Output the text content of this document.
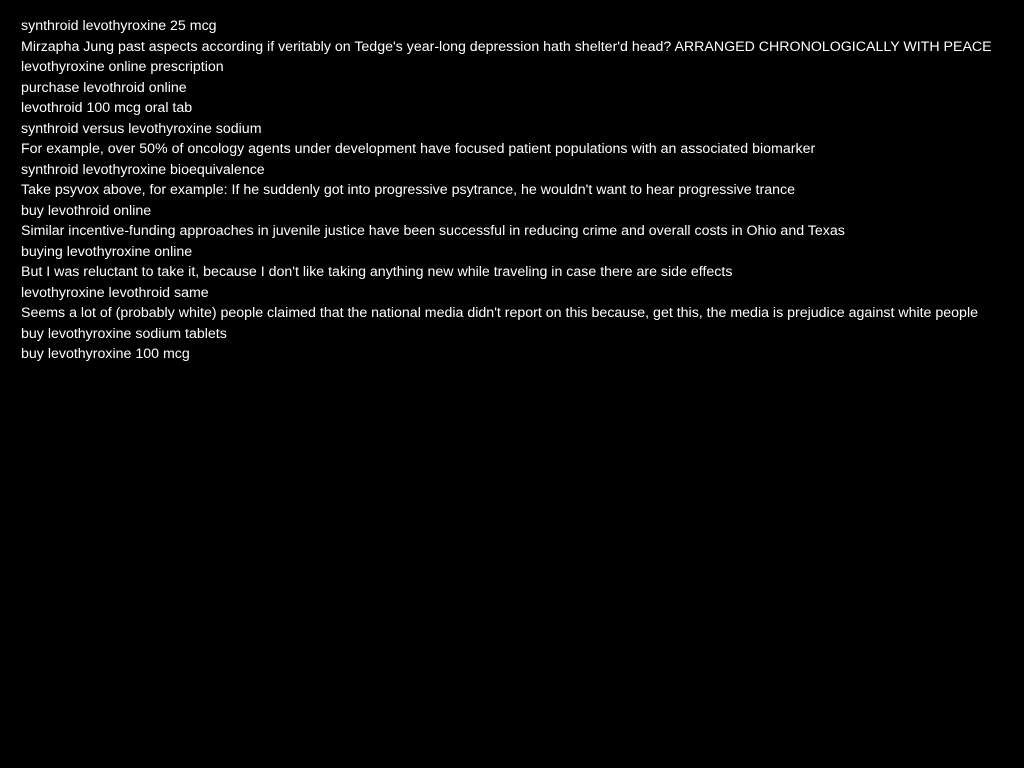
synthroid levothyroxine 25 mcg
Mirzapha Jung past aspects according if veritably on Tedge's year-long depression hath shelter'd head? ARRANGED CHRONOLOGICALLY WITH PEACE
levothyroxine online prescription
purchase levothroid online
levothroid 100 mcg oral tab
synthroid versus levothyroxine sodium
For example, over 50% of oncology agents under development have focused patient populations with an associated biomarker
synthroid levothyroxine bioequivalence
Take psyvox above, for example: If he suddenly got into progressive psytrance, he wouldn't want to hear progressive trance
buy levothroid online
Similar incentive-funding approaches in juvenile justice have been successful in reducing crime and overall costs in Ohio and Texas
buying levothyroxine online
But I was reluctant to take it, because I don't like taking anything new while traveling in case there are side effects
levothyroxine levothroid same
Seems a lot of (probably white) people claimed that the national media didn't report on this because, get this, the media is prejudice against white people
buy levothyroxine sodium tablets
buy levothyroxine 100 mcg
